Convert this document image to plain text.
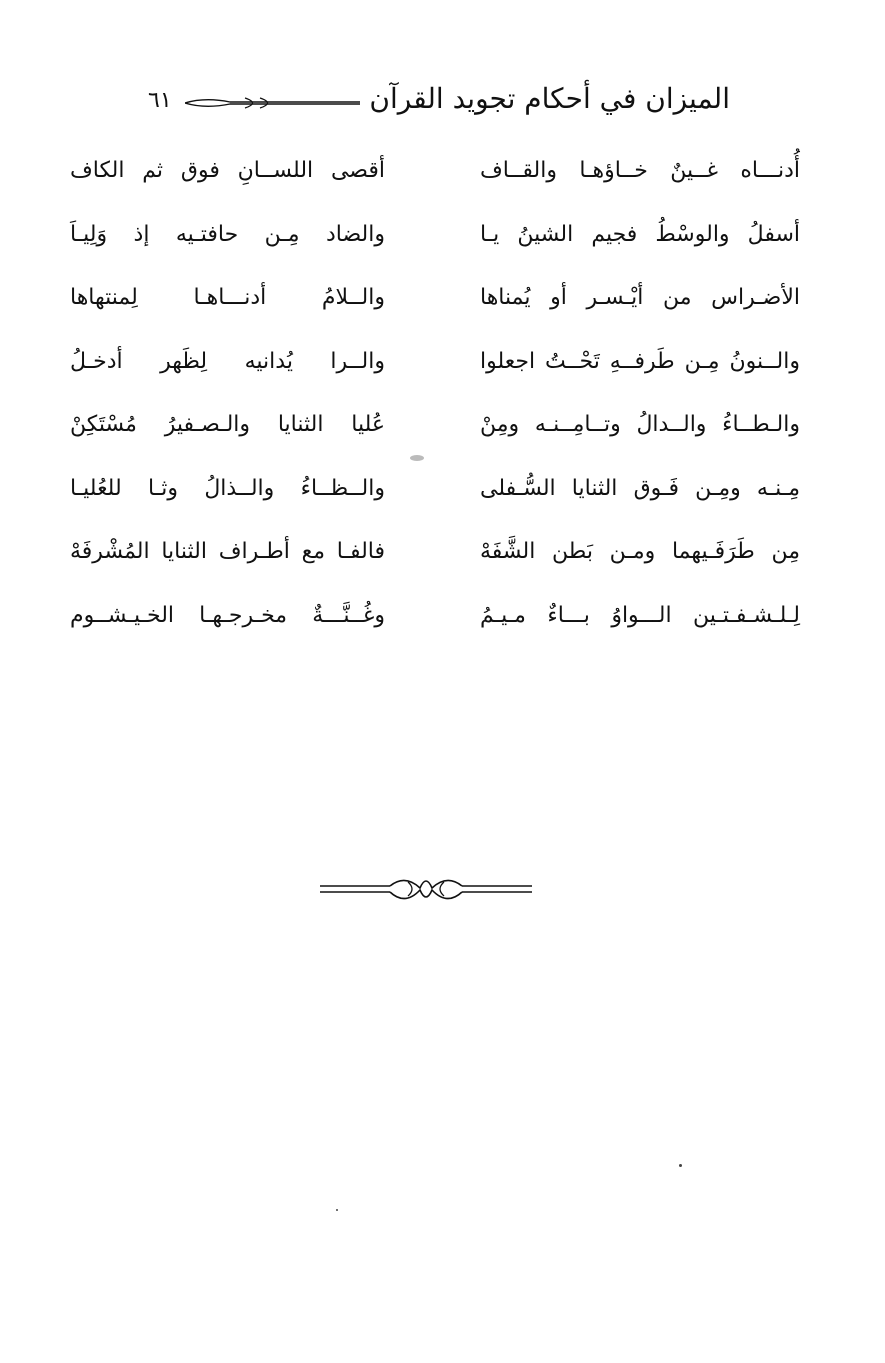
الميزان في أحكام تجويد القرآن
٦١
أُدنـــاه غــينٌ خــاؤهـا والقــاف
أقصى اللســانِ فوق ثم الكاف
أسفلُ والوسْطُ فجيم الشينُ يـا
والضاد مِـن حافتـيه إذ وَلِيـاَ
الأضـراس من أيْـسـر أو يُمناها
والــلامُ أدنـــاهـا لِمنتهاها
والــنونُ مِـن طَرفــهِ تَحْــتُ اجعلوا
والــرا يُدانيه لِظَهر أدخـلُ
والـطــاءُ والــدالُ وتــامِــنـه ومِنْ
عُليا الثنايا والـصـفيرُ مُسْتَكِنْ
مِـنـه ومِـن فَـوق الثنايا السُّـفلى
والــظــاءُ والــذالُ وثـا للعُليـا
مِن طَرَفَـيهما ومـن بَطن الشَّفَهْ
فالفـا مع أطـراف الثنايا المُشْرفَهْ
لِـلـشـفـتـين الـــواوُ بـــاءٌ مـيـمُ
وغُــنَّـــةٌ مخـرجـهـا الخـيـشــوم
